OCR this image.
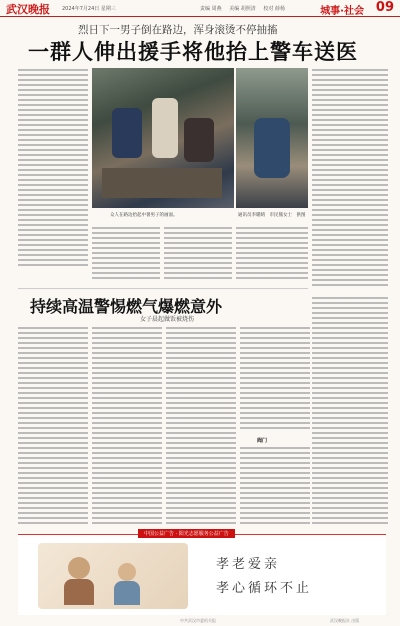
武汉晚报 2024年7月24日 星期三	责编 周燕 美编 胡照清 校对 薛杨	城事·社会 09
烈日下一男子倒在路边，浑身滚烫不停抽搐
一群人伸出援手将他抬上警车送医
众人在路边抬起中暑男子的画面。	通讯员李暖晴　市民熊女士　供图
持续高温警惕燃气爆燃意外
女子晨起做饭被烧伤
阀门
中国公益广告 · 阳光志愿服务公益广告
孝老爱亲
孝心循环不止
中共武汉市委机关报	武汉晚报社 出版
